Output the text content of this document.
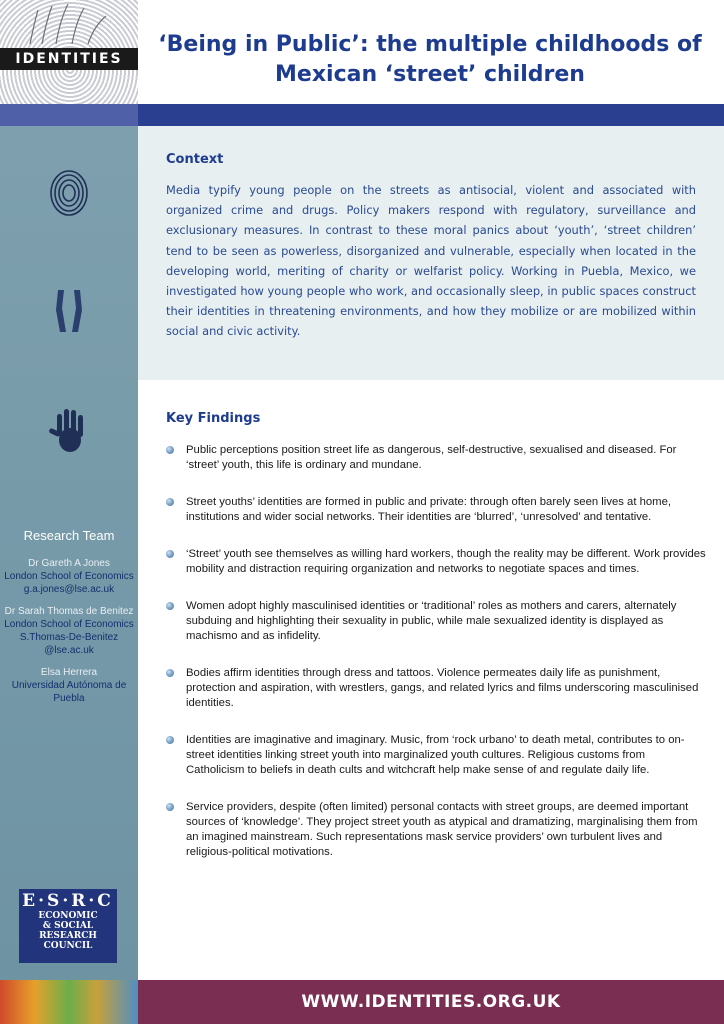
IDENTITIES
‘Being in Public’: the multiple childhoods of Mexican ‘street’ children
Research Team
Dr Gareth A Jones
London School of Economics
g.a.jones@lse.ac.uk
Dr Sarah Thomas de Benitez
London School of Economics
S.Thomas-De-Benitez @lse.ac.uk
Elsa Herrera
Universidad Autónoma de Puebla
E·S·R·C
ECONOMIC
& SOCIAL
RESEARCH
COUNCIL
Context

Media typify young people on the streets as antisocial, violent and associated with organized crime and drugs. Policy makers respond with regulatory, surveillance and exclusionary measures. In contrast to these moral panics about ‘youth’, ‘street children’ tend to be seen as powerless, disorganized and vulnerable, especially when located in the developing world, meriting of charity or welfarist policy. Working in Puebla, Mexico, we investigated how young people who work, and occasionally sleep, in public spaces construct their identities in threatening environments, and how they mobilize or are mobilized within social and civic activity.

Key Findings
Public perceptions position street life as dangerous, self-destructive, sexualised and diseased. For ‘street’ youth, this life is ordinary and mundane.
Street youths’ identities are formed in public and private: through often barely seen lives at home, institutions and wider social networks. Their identities are ‘blurred’, ‘unresolved’ and tentative.
‘Street’ youth see themselves as willing hard workers, though the reality may be different. Work provides mobility and distraction requiring organization and networks to negotiate spaces and times.
Women adopt highly masculinised identities or ‘traditional’ roles as mothers and carers, alternately subduing and highlighting their sexuality in public, while male sexualized identity is displayed as machismo and as infidelity.
Bodies affirm identities through dress and tattoos. Violence permeates daily life as punishment, protection and aspiration, with wrestlers, gangs, and related lyrics and films underscoring masculinised identities.
Identities are imaginative and imaginary. Music, from ‘rock urbano’ to death metal, contributes to on-street identities linking street youth into marginalized youth cultures. Religious customs from Catholicism to beliefs in death cults and witchcraft help make sense of and regulate daily life.
Service providers, despite (often limited) personal contacts with street groups, are deemed important sources of ‘knowledge’. They project street youth as atypical and dramatizing, marginalising them from an imagined mainstream. Such representations mask service providers’ own turbulent lives and religious-political motivations.
WWW.IDENTITIES.ORG.UK
